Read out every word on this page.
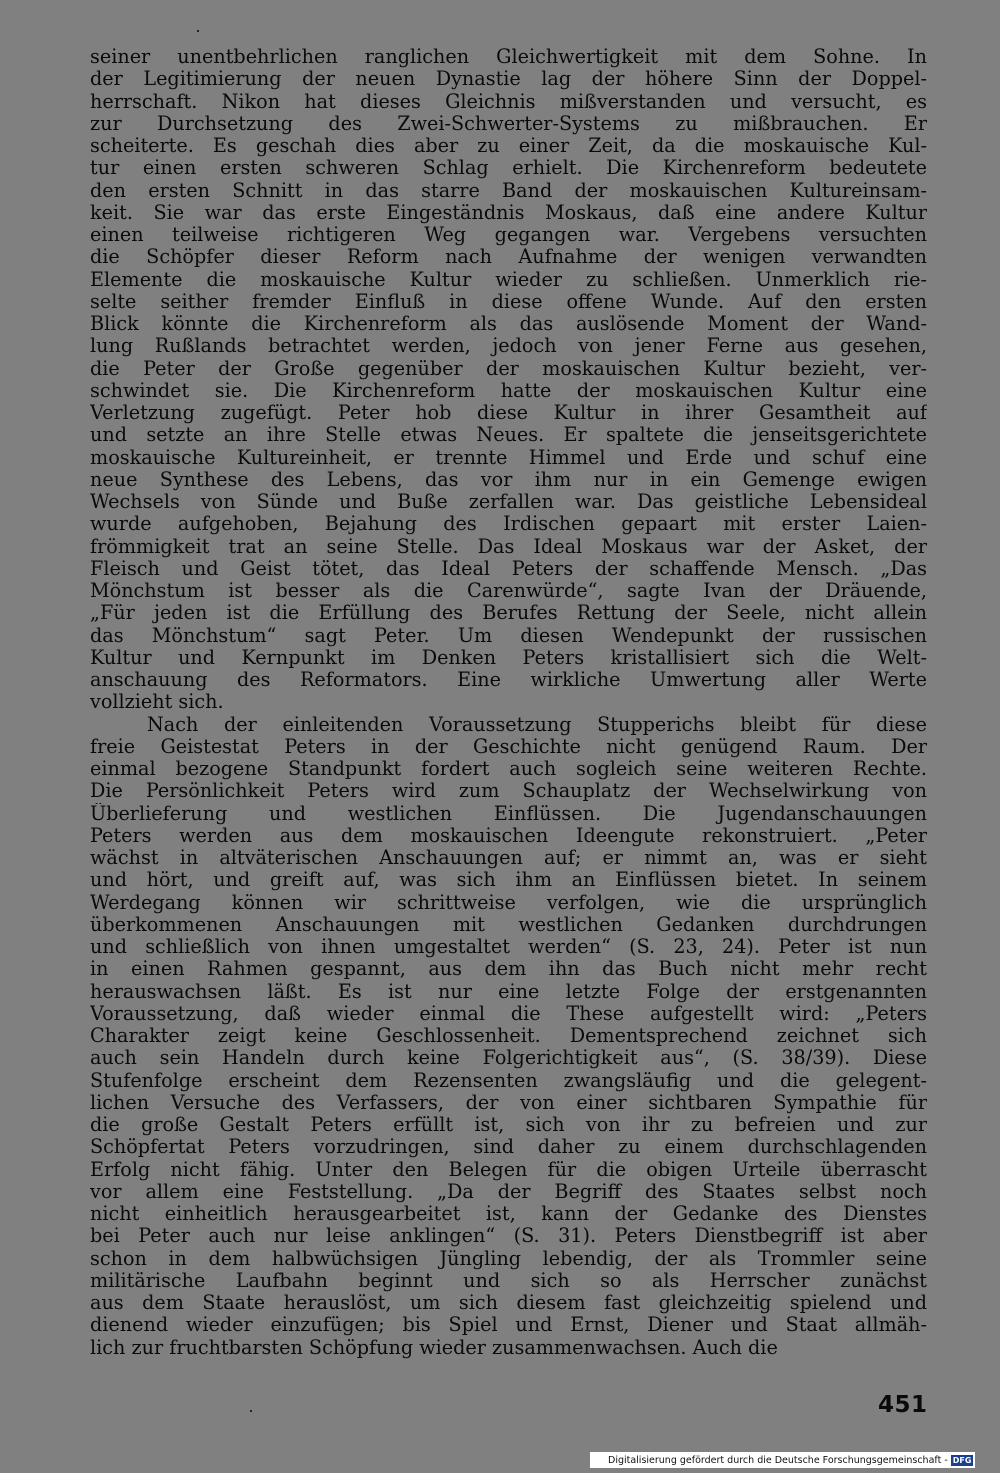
seiner unentbehrlichen ranglichen Gleichwertigkeit mit dem Sohne. In
der Legitimierung der neuen Dynastie lag der höhere Sinn der Doppel-
herrschaft. Nikon hat dieses Gleichnis mißverstanden und versucht, es
zur Durchsetzung des Zwei-Schwerter-Systems zu mißbrauchen. Er
scheiterte. Es geschah dies aber zu einer Zeit, da die moskauische Kul-
tur einen ersten schweren Schlag erhielt. Die Kirchenreform bedeutete
den ersten Schnitt in das starre Band der moskauischen Kultureinsam-
keit. Sie war das erste Eingeständnis Moskaus, daß eine andere Kultur
einen teilweise richtigeren Weg gegangen war. Vergebens versuchten
die Schöpfer dieser Reform nach Aufnahme der wenigen verwandten
Elemente die moskauische Kultur wieder zu schließen. Unmerklich rie-
selte seither fremder Einfluß in diese offene Wunde. Auf den ersten
Blick könnte die Kirchenreform als das auslösende Moment der Wand-
lung Rußlands betrachtet werden, jedoch von jener Ferne aus gesehen,
die Peter der Große gegenüber der moskauischen Kultur bezieht, ver-
schwindet sie. Die Kirchenreform hatte der moskauischen Kultur eine
Verletzung zugefügt. Peter hob diese Kultur in ihrer Gesamtheit auf
und setzte an ihre Stelle etwas Neues. Er spaltete die jenseitsgerichtete
moskauische Kultureinheit, er trennte Himmel und Erde und schuf eine
neue Synthese des Lebens, das vor ihm nur in ein Gemenge ewigen
Wechsels von Sünde und Buße zerfallen war. Das geistliche Lebensideal
wurde aufgehoben, Bejahung des Irdischen gepaart mit erster Laien-
frömmigkeit trat an seine Stelle. Das Ideal Moskaus war der Asket, der
Fleisch und Geist tötet, das Ideal Peters der schaffende Mensch. „Das
Mönchstum ist besser als die Carenwürde“, sagte Ivan der Dräuende,
„Für jeden ist die Erfüllung des Berufes Rettung der Seele, nicht allein
das Mönchstum“ sagt Peter. Um diesen Wendepunkt der russischen
Kultur und Kernpunkt im Denken Peters kristallisiert sich die Welt-
anschauung des Reformators. Eine wirkliche Umwertung aller Werte
vollzieht sich.
Nach der einleitenden Voraussetzung Stupperichs bleibt für diese
freie Geistestat Peters in der Geschichte nicht genügend Raum. Der
einmal bezogene Standpunkt fordert auch sogleich seine weiteren Rechte.
Die Persönlichkeit Peters wird zum Schauplatz der Wechselwirkung von
Überlieferung und westlichen Einflüssen. Die Jugendanschauungen
Peters werden aus dem moskauischen Ideengute rekonstruiert. „Peter
wächst in altväterischen Anschauungen auf; er nimmt an, was er sieht
und hört, und greift auf, was sich ihm an Einflüssen bietet. In seinem
Werdegang können wir schrittweise verfolgen, wie die ursprünglich
überkommenen Anschauungen mit westlichen Gedanken durchdrungen
und schließlich von ihnen umgestaltet werden“ (S. 23, 24). Peter ist nun
in einen Rahmen gespannt, aus dem ihn das Buch nicht mehr recht
herauswachsen läßt. Es ist nur eine letzte Folge der erstgenannten
Voraussetzung, daß wieder einmal die These aufgestellt wird: „Peters
Charakter zeigt keine Geschlossenheit. Dementsprechend zeichnet sich
auch sein Handeln durch keine Folgerichtigkeit aus“, (S. 38/39). Diese
Stufenfolge erscheint dem Rezensenten zwangsläufig und die gelegent-
lichen Versuche des Verfassers, der von einer sichtbaren Sympathie für
die große Gestalt Peters erfüllt ist, sich von ihr zu befreien und zur
Schöpfertat Peters vorzudringen, sind daher zu einem durchschlagenden
Erfolg nicht fähig. Unter den Belegen für die obigen Urteile überrascht
vor allem eine Feststellung. „Da der Begriff des Staates selbst noch
nicht einheitlich herausgearbeitet ist, kann der Gedanke des Dienstes
bei Peter auch nur leise anklingen“ (S. 31). Peters Dienstbegriff ist aber
schon in dem halbwüchsigen Jüngling lebendig, der als Trommler seine
militärische Laufbahn beginnt und sich so als Herrscher zunächst
aus dem Staate herauslöst, um sich diesem fast gleichzeitig spielend und
dienend wieder einzufügen; bis Spiel und Ernst, Diener und Staat allmäh-
lich zur fruchtbarsten Schöpfung wieder zusammenwachsen. Auch die
451
Digitalisierung gefördert durch die Deutsche Forschungsgemeinschaft - DFG
